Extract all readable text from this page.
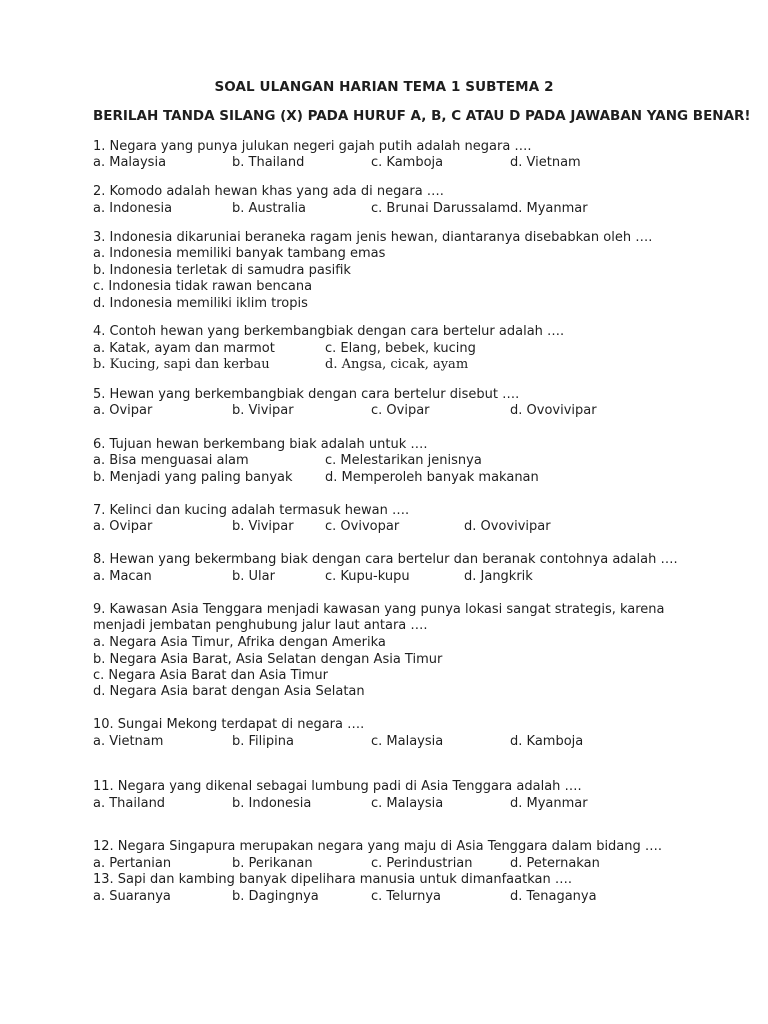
SOAL ULANGAN HARIAN TEMA 1 SUBTEMA 2
BERILAH TANDA SILANG (X) PADA HURUF A, B, C ATAU D PADA JAWABAN YANG BENAR!
1. Negara yang punya julukan negeri gajah putih adalah negara ….
a. Malaysia	b. Thailand	c. Kamboja	d. Vietnam
2. Komodo adalah hewan khas yang ada di negara ….
a. Indonesia	b. Australia	c. Brunai Darussalam d. Myanmar
3. Indonesia dikaruniai beraneka ragam jenis hewan, diantaranya disebabkan oleh ….
a. Indonesia memiliki banyak tambang emas
b. Indonesia terletak di samudra pasifik
c. Indonesia tidak rawan bencana
d. Indonesia memiliki iklim tropis
4. Contoh hewan yang berkembangbiak dengan cara bertelur adalah ….
a. Katak, ayam dan marmot	c. Elang, bebek, kucing
b. Kucing, sapi dan kerbau	d. Angsa, cicak, ayam
5. Hewan yang berkembangbiak dengan cara bertelur disebut ….
a. Ovipar	b. Vivipar	c. Ovipar	d. Ovovivipar
6. Tujuan hewan berkembang biak adalah untuk ….
a. Bisa menguasai alam	c. Melestarikan jenisnya
b. Menjadi yang paling banyak d. Memperoleh banyak makanan
7. Kelinci dan kucing adalah termasuk hewan ….
a. Ovipar	b. Vivipar c. Ovivopar	d. Ovovivipar
8. Hewan yang bekermbang biak dengan cara bertelur dan beranak contohnya adalah ….
a. Macan	b. Ular	c. Kupu-kupu	d. Jangkrik
9. Kawasan Asia Tenggara menjadi kawasan yang punya lokasi sangat strategis, karena
menjadi jembatan penghubung jalur laut antara ….
a. Negara Asia Timur, Afrika dengan Amerika
b. Negara Asia Barat, Asia Selatan dengan Asia Timur
c. Negara Asia Barat dan Asia Timur
d. Negara Asia barat dengan Asia Selatan
10. Sungai Mekong terdapat di negara ….
a. Vietnam	b. Filipina	c. Malaysia	d. Kamboja
11. Negara yang dikenal sebagai lumbung padi di Asia Tenggara adalah ….
a. Thailand	b. Indonesia	c. Malaysia	d. Myanmar
12. Negara Singapura merupakan negara yang maju di Asia Tenggara dalam bidang ….
a. Pertanian	b. Perikanan	c. Perindustrian	d. Peternakan
13. Sapi dan kambing banyak dipelihara manusia untuk dimanfaatkan ….
a. Suaranya	b. Dagingnya	c. Telurnya	d. Tenaganya
